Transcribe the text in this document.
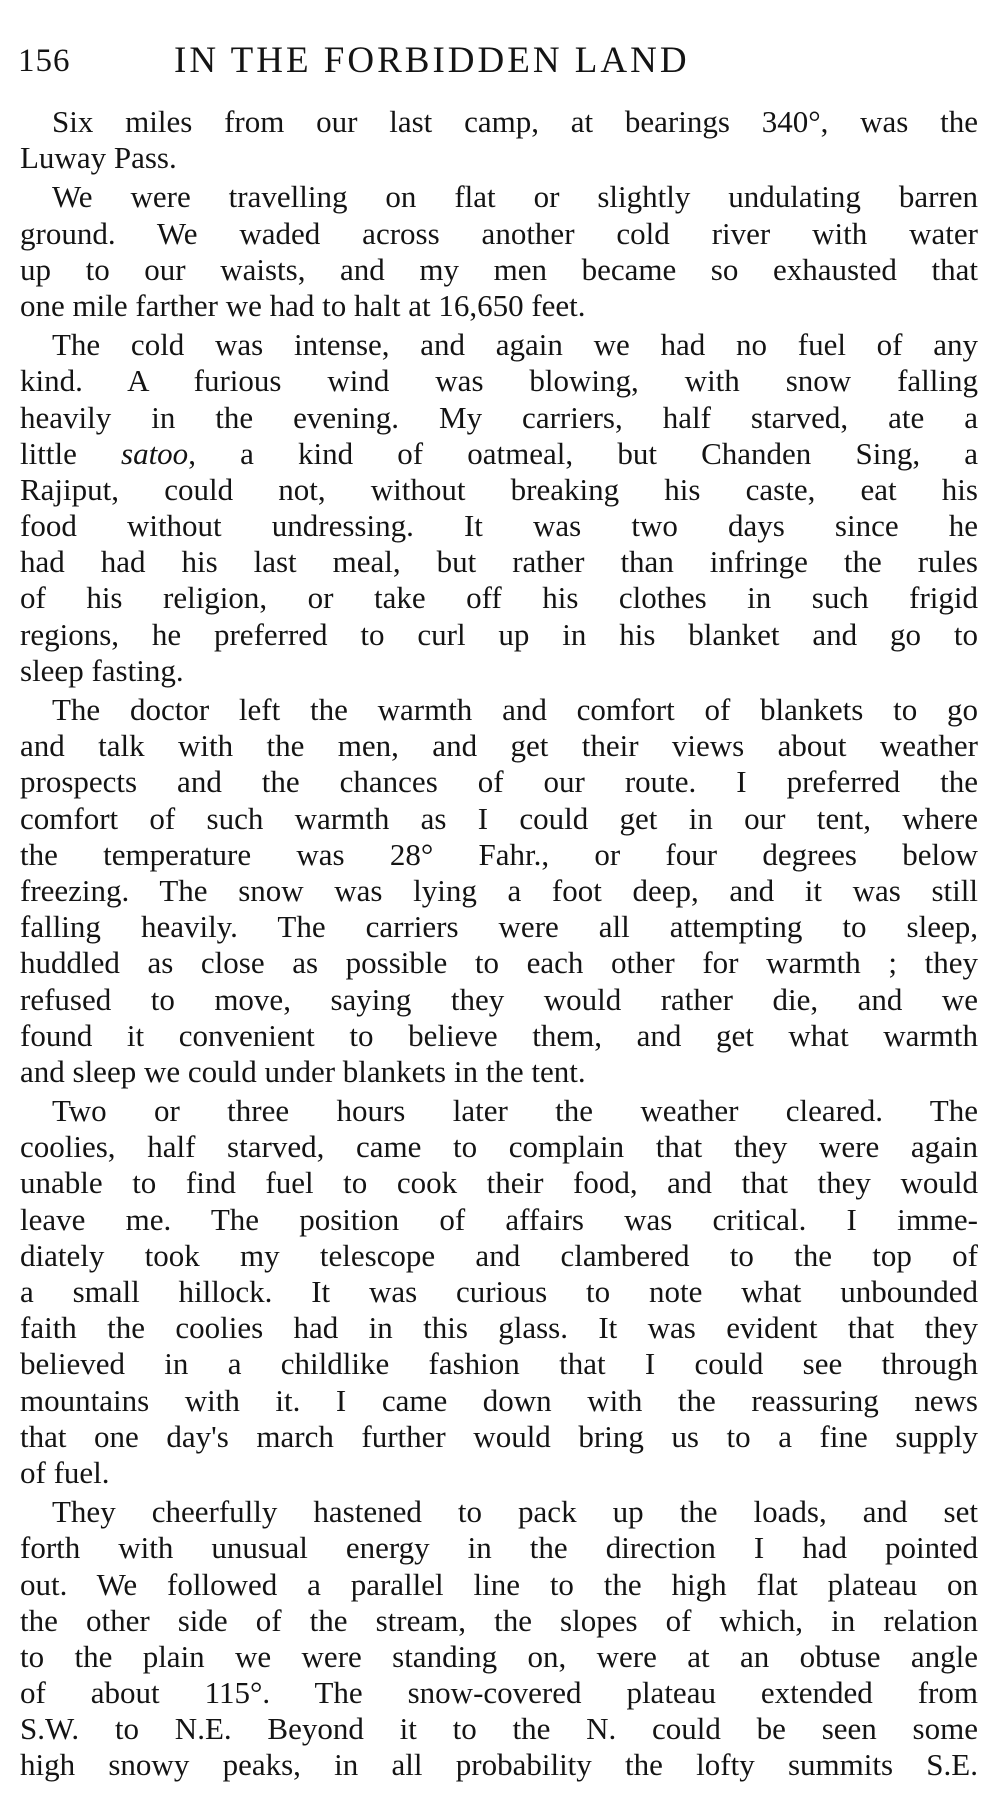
156	IN THE FORBIDDEN LAND
Six miles from our last camp, at bearings 340°, was the
Luway Pass.
We were travelling on flat or slightly undulating barren
ground. We waded across another cold river with water
up to our waists, and my men became so exhausted that
one mile farther we had to halt at 16,650 feet.
The cold was intense, and again we had no fuel of any
kind. A furious wind was blowing, with snow falling
heavily in the evening. My carriers, half starved, ate a
little satoo, a kind of oatmeal, but Chanden Sing, a
Rajiput, could not, without breaking his caste, eat his
food without undressing. It was two days since he
had had his last meal, but rather than infringe the rules
of his religion, or take off his clothes in such frigid
regions, he preferred to curl up in his blanket and go to
sleep fasting.
The doctor left the warmth and comfort of blankets to go
and talk with the men, and get their views about weather
prospects and the chances of our route. I preferred the
comfort of such warmth as I could get in our tent, where
the temperature was 28° Fahr., or four degrees below
freezing. The snow was lying a foot deep, and it was still
falling heavily. The carriers were all attempting to sleep,
huddled as close as possible to each other for warmth ; they
refused to move, saying they would rather die, and we
found it convenient to believe them, and get what warmth
and sleep we could under blankets in the tent.
Two or three hours later the weather cleared. The
coolies, half starved, came to complain that they were again
unable to find fuel to cook their food, and that they would
leave me. The position of affairs was critical. I imme-
diately took my telescope and clambered to the top of
a small hillock. It was curious to note what unbounded
faith the coolies had in this glass. It was evident that they
believed in a childlike fashion that I could see through
mountains with it. I came down with the reassuring news
that one day's march further would bring us to a fine supply
of fuel.
They cheerfully hastened to pack up the loads, and set
forth with unusual energy in the direction I had pointed
out. We followed a parallel line to the high flat plateau on
the other side of the stream, the slopes of which, in relation
to the plain we were standing on, were at an obtuse angle
of about 115°. The snow-covered plateau extended from
S.W. to N.E. Beyond it to the N. could be seen some
high snowy peaks, in all probability the lofty summits S.E.
